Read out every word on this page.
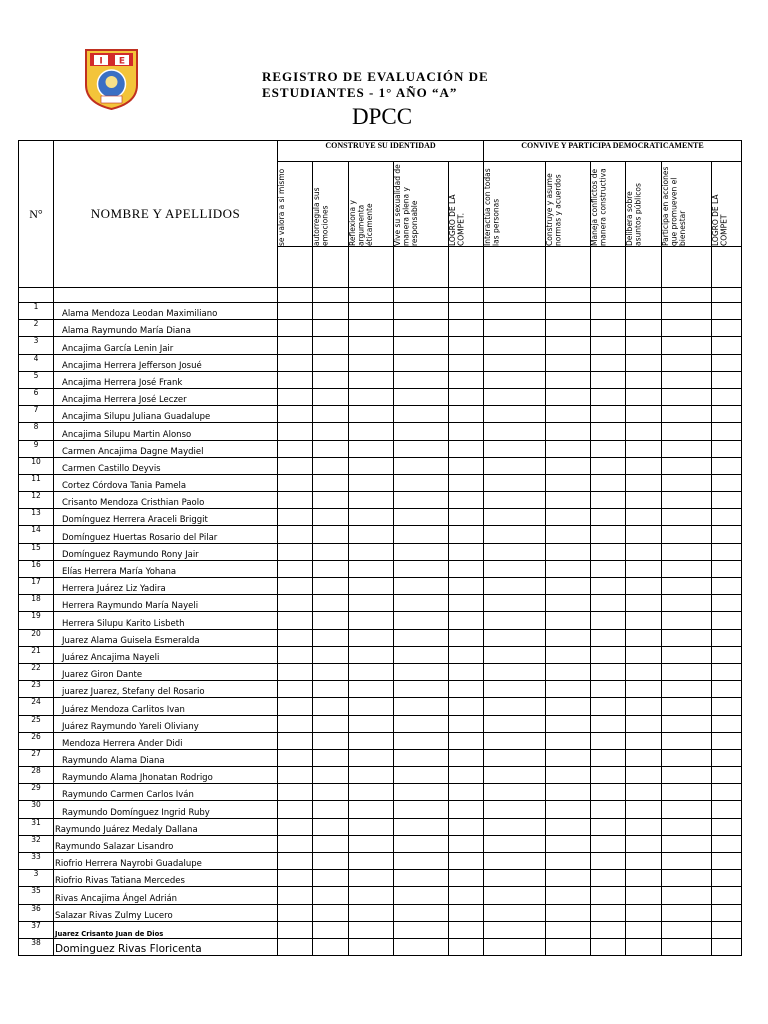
I E
REGISTRO DE EVALUACIÓN DE
ESTUDIANTES - 1° AÑO “A”
DPCC
N°	NOMBRE Y APELLIDOS	CONSTRUYE SU IDENTIDAD					CONVIVE Y PARTICIPA DEMOCRATICAMENTE					

		se valora a si mismo	autorregula sus emociones	Reflexiona y argumenta éticamente	Vive su sexualidad de manera plena y responsable	LOGRO DE LA COMPET.	Interactúa con todas las personas	Construye y asume normas y acuerdos	Maneja conflictos de manera constructiva	Delibera sobre asuntos públicos	Participa en acciones que promueven el bienestar	LOGRO DE LA COMPET

1	Alama Mendoza Leodan Maximiliano											
2	Alama Raymundo María Diana											
3	Ancajima García Lenin Jair											
4	Ancajima Herrera Jefferson Josué											
5	Ancajima Herrera José Frank											
6	Ancajima Herrera José Leczer											
7	Ancajima Silupu Juliana Guadalupe											
8	Ancajima Silupu Martin Alonso											
9	Carmen Ancajima Dagne Maydiel											
10	Carmen Castillo Deyvis											
11	Cortez Córdova Tania Pamela											
12	Crisanto Mendoza Cristhian Paolo											
13	Domínguez Herrera Araceli Briggit											
14	Domínguez Huertas Rosario del Pilar											
15	Domínguez Raymundo Rony Jair											
16	Elías Herrera María Yohana											
17	Herrera Juárez Liz Yadira											
18	Herrera Raymundo María Nayeli											
19	Herrera Silupu Karito Lisbeth											
20	Juarez Alama Guisela Esmeralda											
21	Juárez Ancajima Nayeli											
22	Juarez Giron Dante											
23	juarez Juarez, Stefany del Rosario											
24	Juárez Mendoza Carlitos Ivan											
25	Juárez Raymundo Yareli Oliviany											
26	Mendoza Herrera Ander Didi											
27	Raymundo Alama Diana											
28	Raymundo Alama Jhonatan Rodrigo											
29	Raymundo Carmen Carlos Iván											
30	Raymundo Domínguez Ingrid Ruby											
31	Raymundo Juárez Medaly Dallana											
32	Raymundo Salazar Lisandro											
33	Riofrio Herrera Nayrobi Guadalupe											
3	Riofrio Rivas Tatiana Mercedes											
35	Rivas Ancajima Ángel Adrián											
36	Salazar Rivas Zulmy Lucero											
37	Juarez Crisanto Juan de Dios											
38	Dominguez Rivas Floricenta											
